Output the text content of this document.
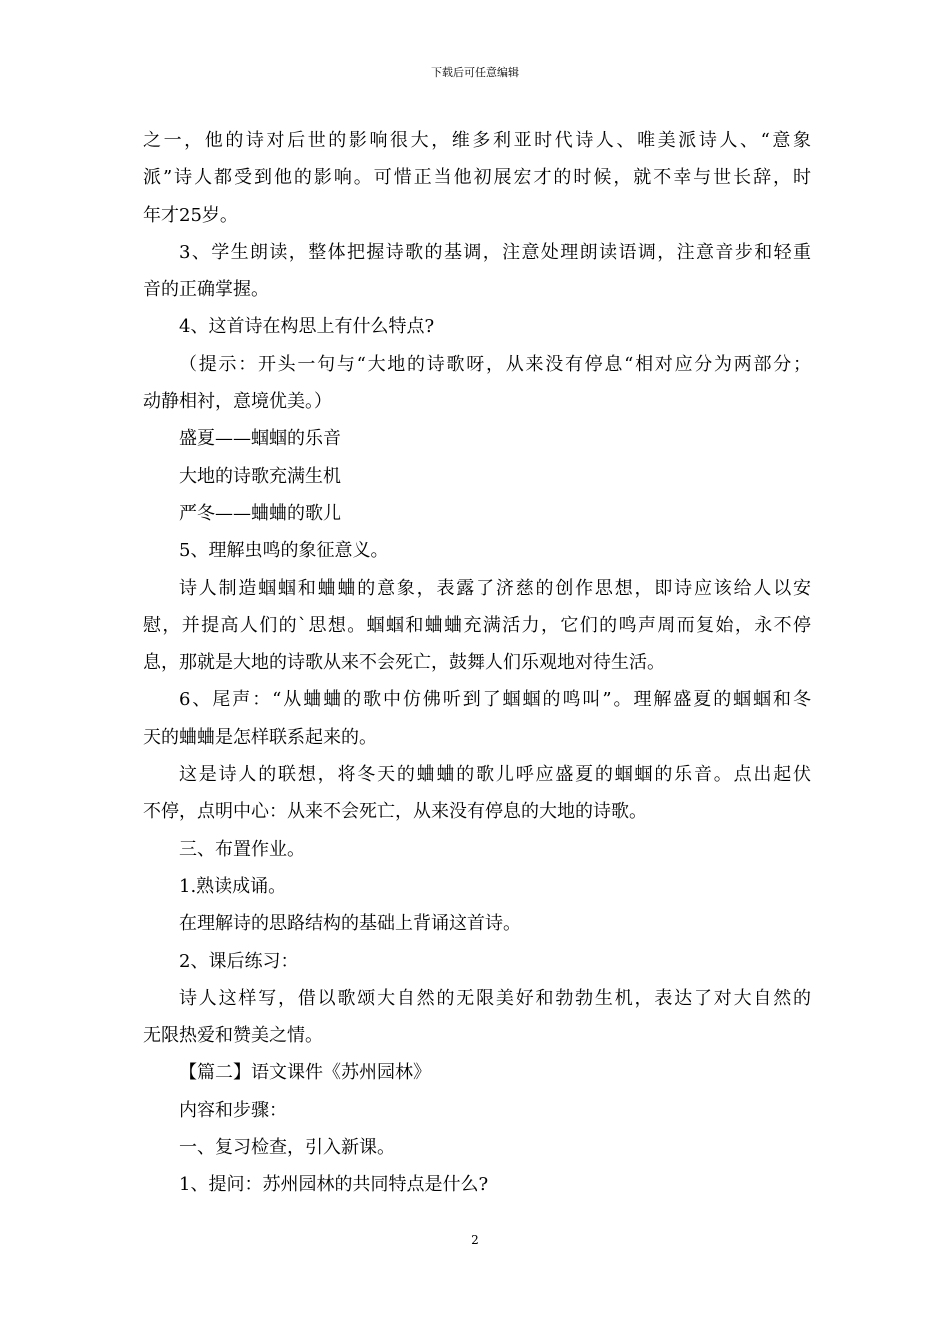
下载后可任意编辑
之一，他的诗对后世的影响很大，维多利亚时代诗人、唯美派诗人、“意象
派”诗人都受到他的影响。可惜正当他初展宏才的时候，就不幸与世长辞，时
年才25岁。
3、学生朗读，整体把握诗歌的基调，注意处理朗读语调，注意音步和轻重
音的正确掌握。
4、这首诗在构思上有什么特点?
（提示：开头一句与“大地的诗歌呀，从来没有停息“相对应分为两部分；
动静相衬，意境优美。）
盛夏——蝈蝈的乐音
大地的诗歌充满生机
严冬——蛐蛐的歌儿
5、理解虫鸣的象征意义。
诗人制造蝈蝈和蛐蛐的意象，表露了济慈的创作思想，即诗应该给人以安
慰，并提高人们的`思想。蝈蝈和蛐蛐充满活力，它们的鸣声周而复始，永不停
息，那就是大地的诗歌从来不会死亡，鼓舞人们乐观地对待生活。
6、尾声：“从蛐蛐的歌中仿佛听到了蝈蝈的鸣叫”。理解盛夏的蝈蝈和冬
天的蛐蛐是怎样联系起来的。
这是诗人的联想，将冬天的蛐蛐的歌儿呼应盛夏的蝈蝈的乐音。点出起伏
不停，点明中心：从来不会死亡，从来没有停息的大地的诗歌。
三、布置作业。
1.熟读成诵。
在理解诗的思路结构的基础上背诵这首诗。
2、课后练习：
诗人这样写，借以歌颂大自然的无限美好和勃勃生机，表达了对大自然的
无限热爱和赞美之情。
【篇二】语文课件《苏州园林》
内容和步骤：
一、复习检查，引入新课。
1、提问：苏州园林的共同特点是什么?
2
